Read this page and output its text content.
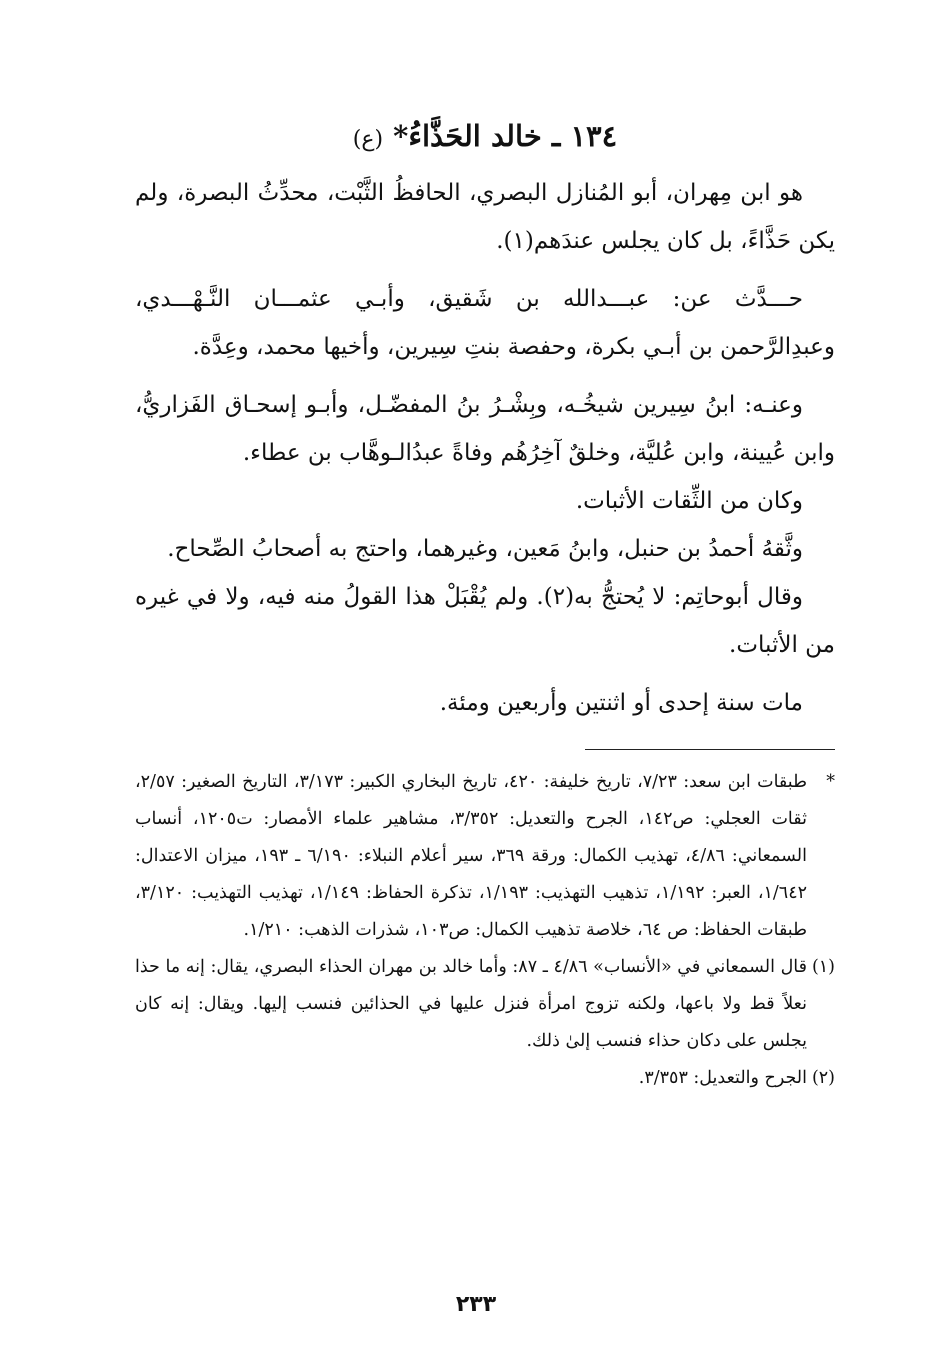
١٣٤ ـ خالد الحَذَّاءُ* (ع)

هو ابن مِهران، أبو المُنازل البصري، الحافظُ الثَّبْت، محدِّثُ البصرة، ولم يكن حَذَّاءً، بل كان يجلس عندَهم(١).

حـــدَّث عن: عبـــدالله بن شَقيق، وأبـي عثمـــان النَّـهْـــدي، وعبدِالرَّحمن بن أبـي بكرة، وحفصة بنتِ سِيرين، وأخيها محمد، وعِدَّة.

وعنـه: ابنُ سِيرين شيخُـه، وبِشْـرُ بنُ المفضّـل، وأبـو إسحـاق الفَزاريُّ، وابن عُيينة، وابن عُليَّة، وخلقٌ آخِرُهُم وفاةً عبدُالـوهَّاب بن عطاء.

وكان من الثِّقات الأثبات.

وثَّقهُ أحمدُ بن حنبل، وابنُ مَعين، وغيرهما، واحتج به أصحابُ الصِّحاح.

وقال أبوحاتِم: لا يُحتجُّ به(٢). ولم يُقْبَلْ هذا القولُ منه فيه، ولا في غيره من الأثبات.

مات سنة إحدى أو اثنتين وأربعين ومئة.

*

طبقات ابن سعد: ٧/٢٣، تاريخ خليفة: ٤٢٠، تاريخ البخاري الكبير: ٣/١٧٣، التاريخ الصغير: ٢/٥٧، ثقات العجلي: ص١٤٢، الجرح والتعديل: ٣/٣٥٢، مشاهير علماء الأمصار: ت١٢٠٥، أنساب السمعاني: ٤/٨٦، تهذيب الكمال: ورقة ٣٦٩، سير أعلام النبلاء: ٦/١٩٠ ـ ١٩٣، ميزان الاعتدال: ١/٦٤٢، العبر: ١/١٩٢، تذهيب التهذيب: ١/١٩٣، تذكرة الحفاظ: ١/١٤٩، تهذيب التهذيب: ٣/١٢٠، طبقات الحفاظ: ص ٦٤، خلاصة تذهيب الكمال: ص١٠٣، شذرات الذهب: ١/٢١٠.

(١)

قال السمعاني في «الأنساب» ٤/٨٦ ـ ٨٧: وأما خالد بن مهران الحذاء البصري، يقال: إنه ما حذا نعلاً قط ولا باعها، ولكنه تزوج امرأة فنزل عليها في الحذائين فنسب إليها. ويقال: إنه كان يجلس على دكان حذاء فنسب إلىٰ ذلك.

(٢)

الجرح والتعديل: ٣/٣٥٣.

٢٣٣
